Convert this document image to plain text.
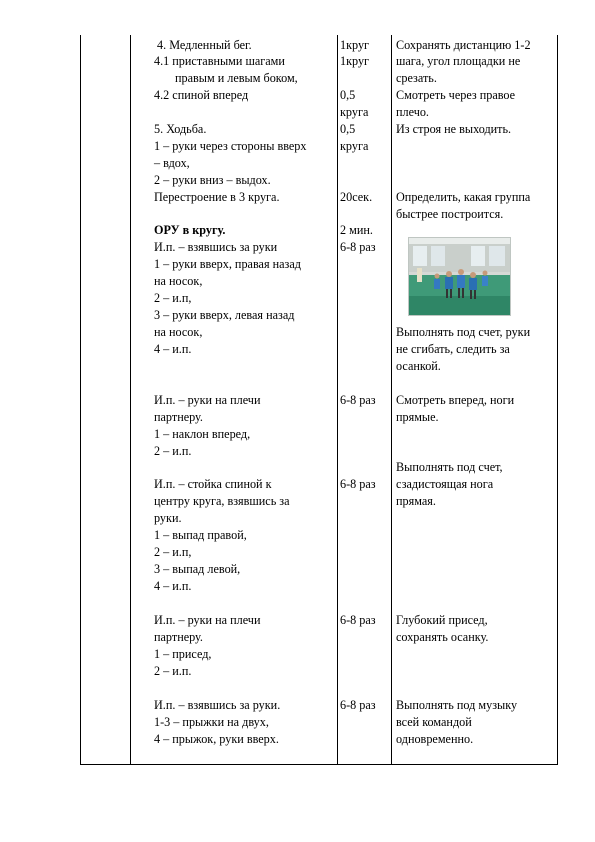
4. Медленный бег.
4.1 приставными шагами
правым и левым боком,
4.2 спиной вперед
5. Ходьба.
1 – руки через стороны вверх
– вдох,
2 – руки вниз – выдох.
Перестроение в 3 круга.
ОРУ в кругу.
И.п. – взявшись за руки
1 – руки вверх, правая назад
на носок,
2 – и.п,
3 – руки вверх, левая назад
на носок,
4 – и.п.
И.п. – руки на плечи
партнеру.
1 – наклон вперед,
2 – и.п.
И.п. – стойка спиной к
центру круга, взявшись за
руки.
1 – выпад правой,
2 – и.п,
3 – выпад левой,
4 – и.п.
И.п. – руки на плечи
партнеру.
1 – присед,
2 – и.п.
И.п. – взявшись за руки.
1-3 – прыжки на двух,
4 – прыжок, руки вверх.
1круг
1круг
0,5
круга
0,5
круга
20сек.
2 мин.
6-8 раз
6-8 раз
6-8 раз
6-8 раз
6-8 раз
Сохранять дистанцию 1-2
шага, угол площадки не
срезать.
Смотреть через правое
плечо.
Из строя не выходить.
Определить, какая группа
быстрее построится.
Выполнять под счет, руки
не сгибать, следить за
осанкой.
Смотреть вперед, ноги
прямые.
Выполнять под счет,
сзадистоящая нога
прямая.
Глубокий присед,
сохранять осанку.
Выполнять под музыку
всей командой
одновременно.
